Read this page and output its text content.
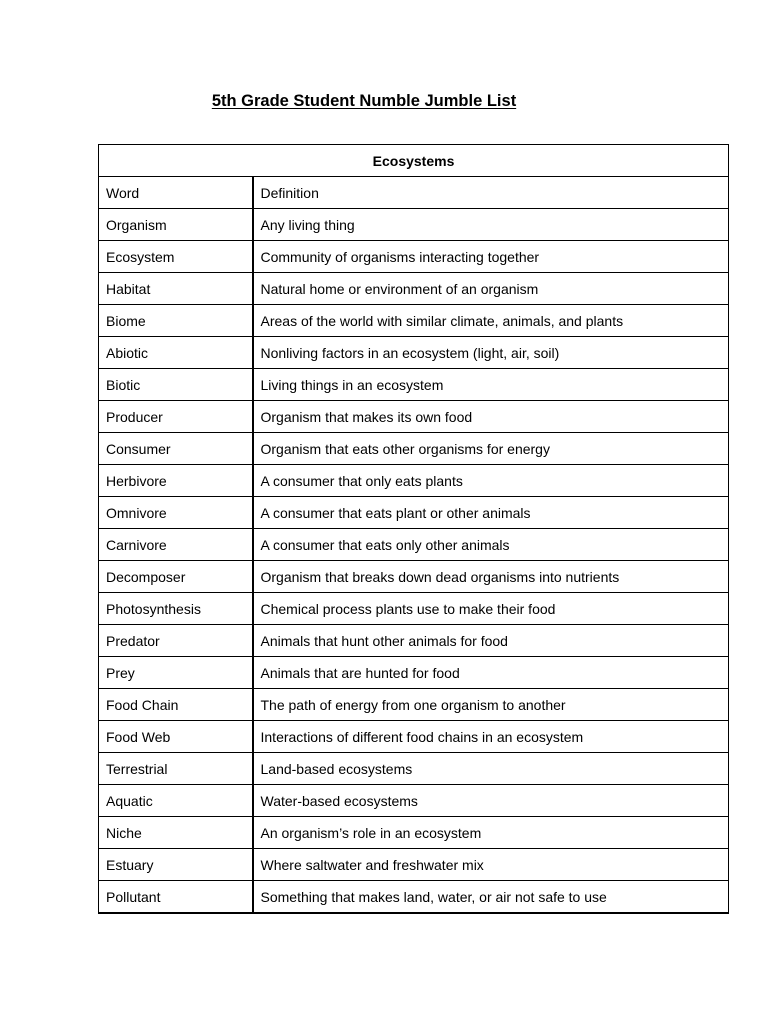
5th Grade Student Numble Jumble List
Ecosystems	
Word	Definition
Organism	Any living thing
Ecosystem	Community of organisms interacting together
Habitat	Natural home or environment of an organism
Biome	Areas of the world with similar climate, animals, and plants
Abiotic	Nonliving factors in an ecosystem (light, air, soil)
Biotic	Living things in an ecosystem
Producer	Organism that makes its own food
Consumer	Organism that eats other organisms for energy
Herbivore	A consumer that only eats plants
Omnivore	A consumer that eats plant or other animals
Carnivore	A consumer that eats only other animals
Decomposer	Organism that breaks down dead organisms into nutrients
Photosynthesis	Chemical process plants use to make their food
Predator	Animals that hunt other animals for food
Prey	Animals that are hunted for food
Food Chain	The path of energy from one organism to another
Food Web	Interactions of different food chains in an ecosystem
Terrestrial	Land-based ecosystems
Aquatic	Water-based ecosystems
Niche	An organism’s role in an ecosystem
Estuary	Where saltwater and freshwater mix
Pollutant	Something that makes land, water, or air not safe to use
